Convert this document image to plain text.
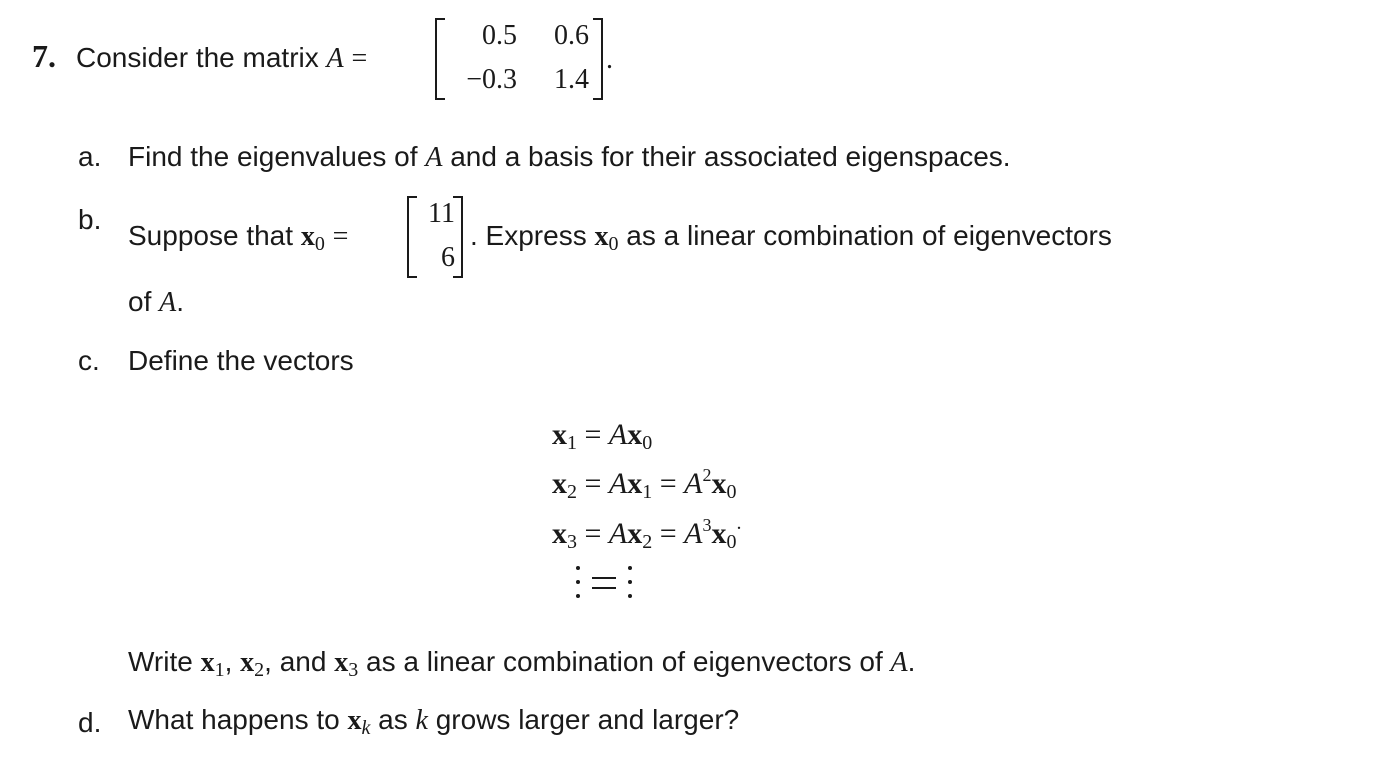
7. Consider the matrix A =
0.5	0.6
−0.3	1.4
.
a. Find the eigenvalues of A and a basis for their associated eigenspaces.
b.
Suppose that $x_0$ =
11
6
. Express $x_0$ as a linear combination of eigenvectors
of A.
c. Define the vectors
$x_1 = Ax_0$
$x_2 = Ax_1 = A^2x_0$
$x_3 = Ax_2 = A^3x_0^.$
Write $x_1$, $x_2$, and $x_3$ as a linear combination of eigenvectors of A.
d. What happens to xk as k grows larger and larger?
